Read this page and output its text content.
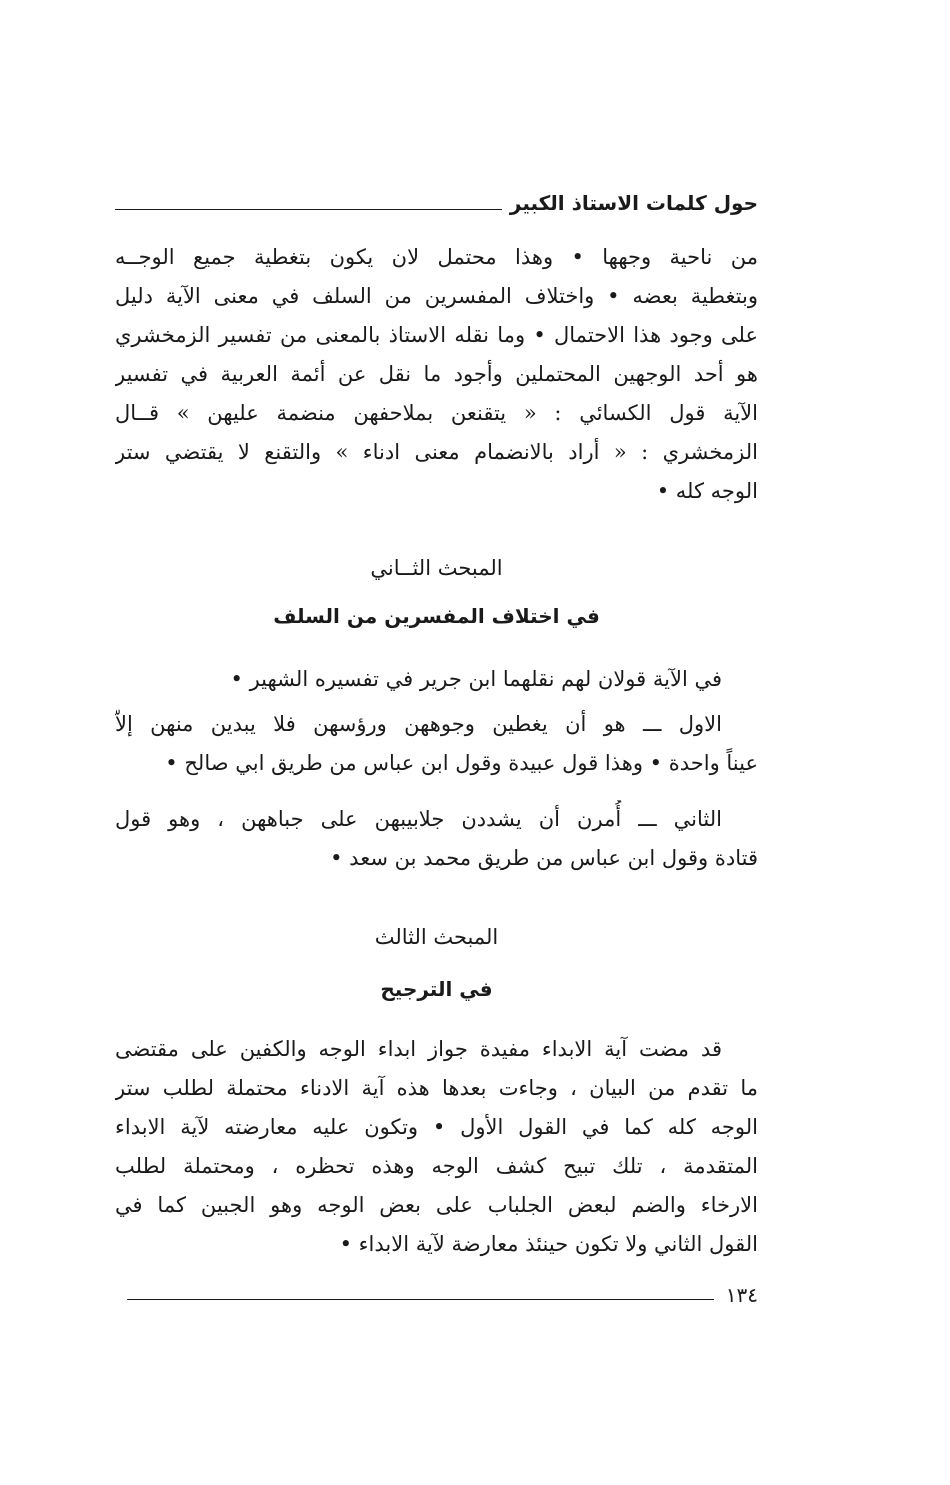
حول كلمات الاستاذ الكبير
من ناحية وجهها • وهذا محتمل لان يكون بتغطية جميع الوجــه
وبتغطية بعضه • واختلاف المفسرين من السلف في معنى الآية دليل
على وجود هذا الاحتمال • وما نقله الاستاذ بالمعنى من تفسير الزمخشري
هو أحد الوجهين المحتملين وأجود ما نقل عن أئمة العربية في تفسير
الآية قول الكسائي : « يتقنعن بملاحفهن منضمة عليهن » قــال
الزمخشري : « أراد بالانضمام معنى ادناء » والتقنع لا يقتضي ستر
الوجه كله •
المبحث الثــاني
في اختلاف المفسرين من السلف
في الآية قولان لهم نقلهما ابن جرير في تفسيره الشهير •
الاول ـــ هو أن يغطين وجوههن ورؤسهن فلا يبدين منهن إلاّ
عيناً واحدة • وهذا قول عبيدة وقول ابن عباس من طريق ابي صالح •
الثاني ـــ أُمرن أن يشددن جلابيبهن على جباههن ، وهو قول
قتادة وقول ابن عباس من طريق محمد بن سعد •
المبحث الثالث
في الترجيح
قد مضت آية الابداء مفيدة جواز ابداء الوجه والكفين على مقتضى
ما تقدم من البيان ، وجاءت بعدها هذه آية الادناء محتملة لطلب ستر
الوجه كله كما في القول الأول • وتكون عليه معارضته لآية الابداء
المتقدمة ، تلك تبيح كشف الوجه وهذه تحظره ، ومحتملة لطلب
الارخاء والضم لبعض الجلباب على بعض الوجه وهو الجبين كما في
القول الثاني ولا تكون حينئذ معارضة لآية الابداء •
١٣٤
